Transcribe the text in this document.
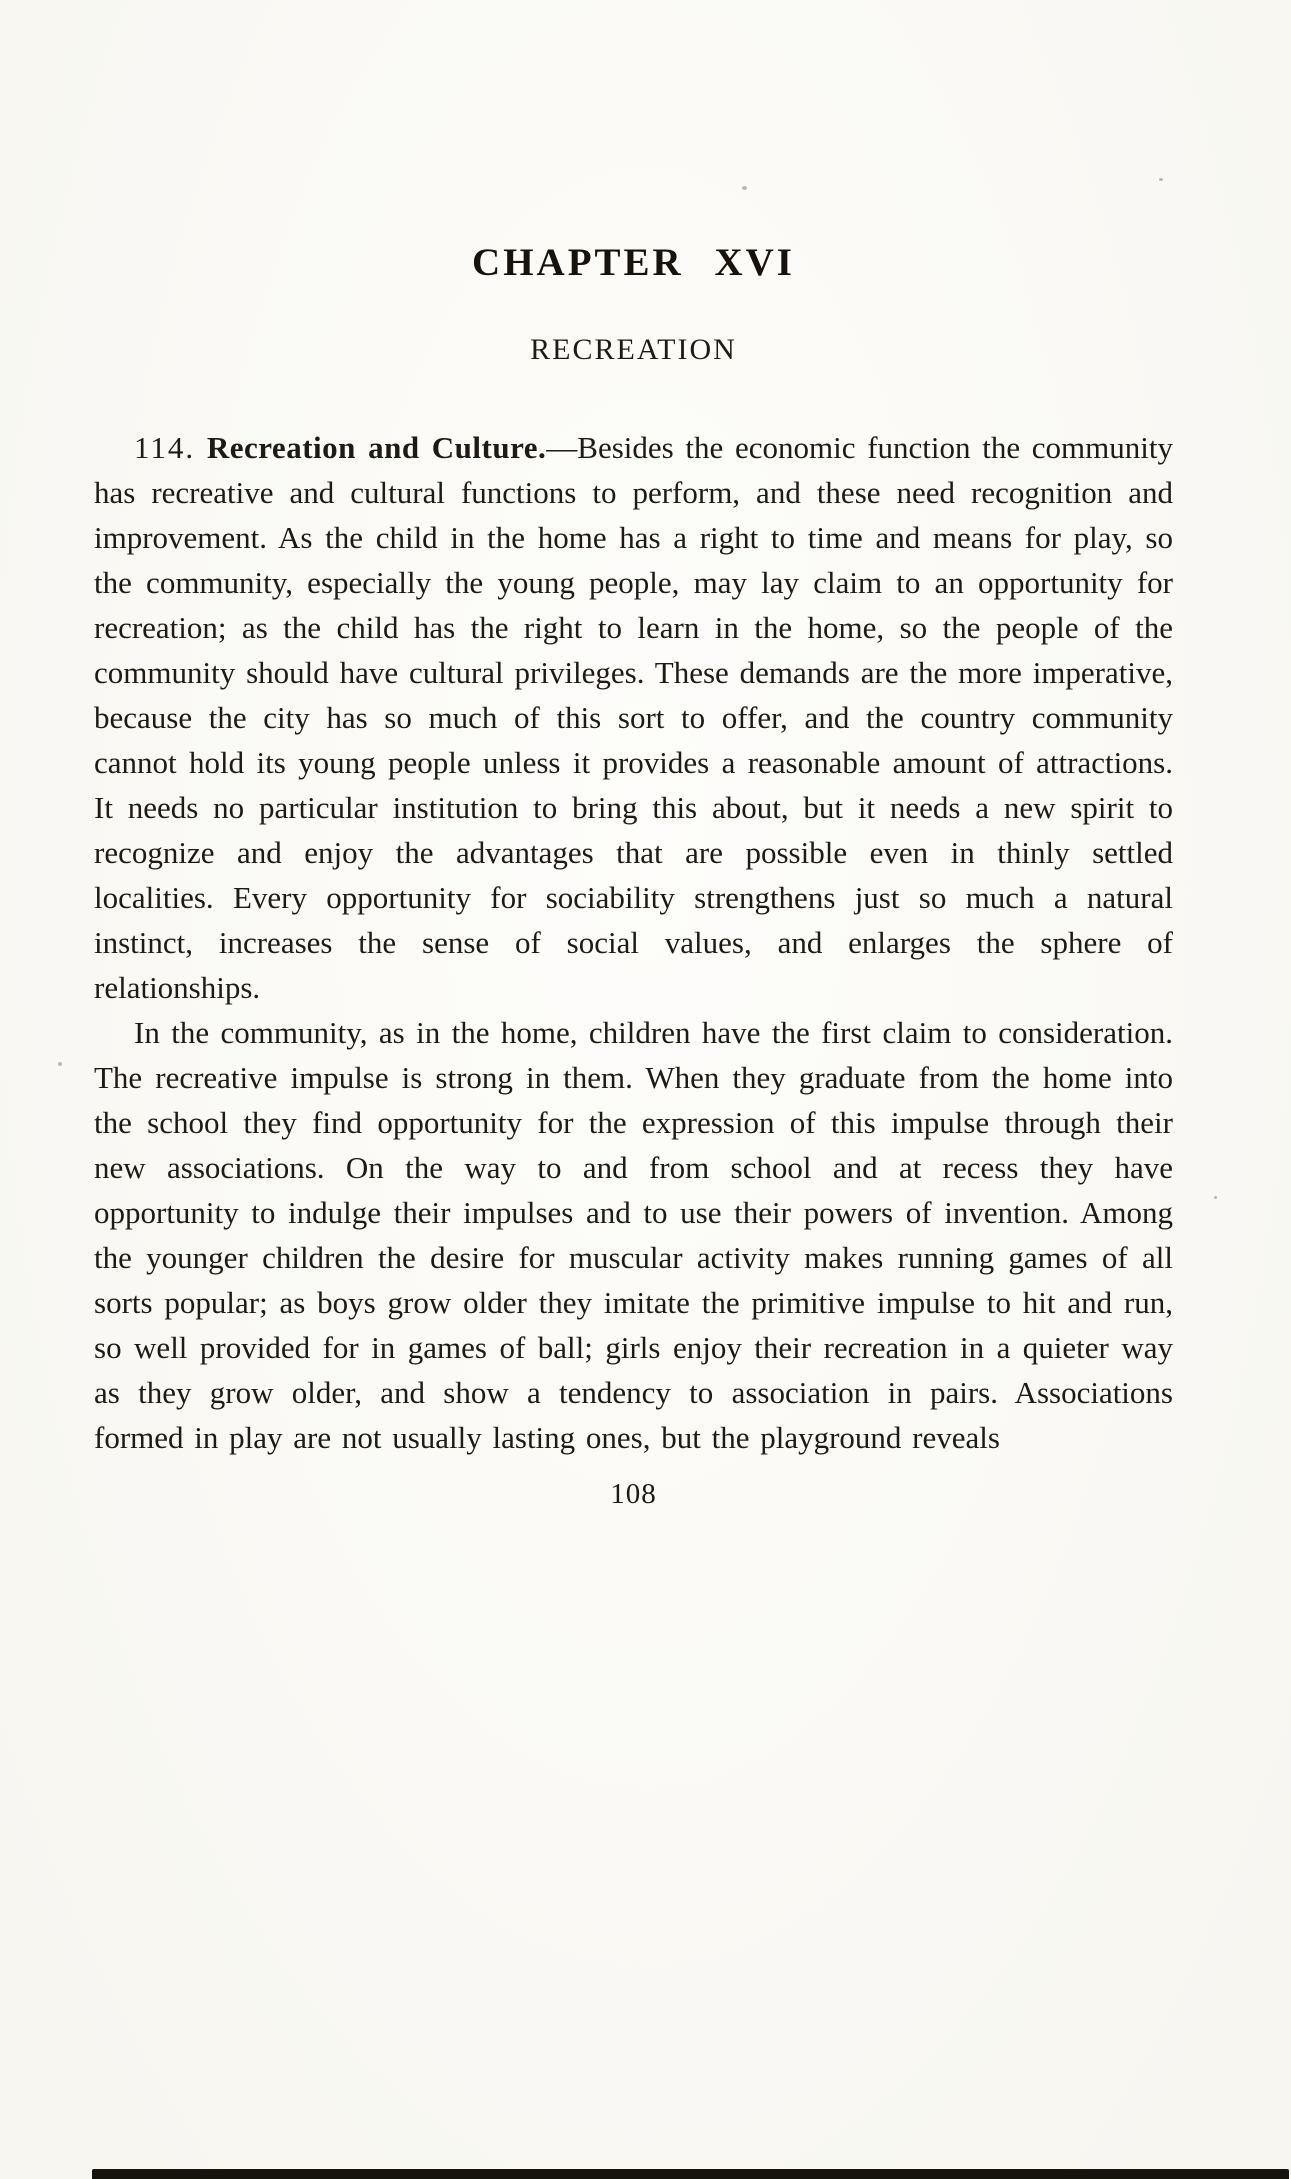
CHAPTER XVI
RECREATION

114. Recreation and Culture.—Besides the economic function the community has recreative and cultural functions to perform, and these need recognition and improvement. As the child in the home has a right to time and means for play, so the community, especially the young people, may lay claim to an opportunity for recreation; as the child has the right to learn in the home, so the people of the community should have cultural privileges. These demands are the more imperative, because the city has so much of this sort to offer, and the country community cannot hold its young people unless it provides a reasonable amount of attractions. It needs no particular institution to bring this about, but it needs a new spirit to recognize and enjoy the advantages that are possible even in thinly settled localities. Every opportunity for sociability strengthens just so much a natural instinct, increases the sense of social values, and enlarges the sphere of relationships.

In the community, as in the home, children have the first claim to consideration. The recreative impulse is strong in them. When they graduate from the home into the school they find opportunity for the expression of this impulse through their new associations. On the way to and from school and at recess they have opportunity to indulge their impulses and to use their powers of invention. Among the younger children the desire for muscular activity makes running games of all sorts popular; as boys grow older they imitate the primitive impulse to hit and run, so well provided for in games of ball; girls enjoy their recreation in a quieter way as they grow older, and show a tendency to association in pairs. Associations formed in play are not usually lasting ones, but the playground reveals

108
